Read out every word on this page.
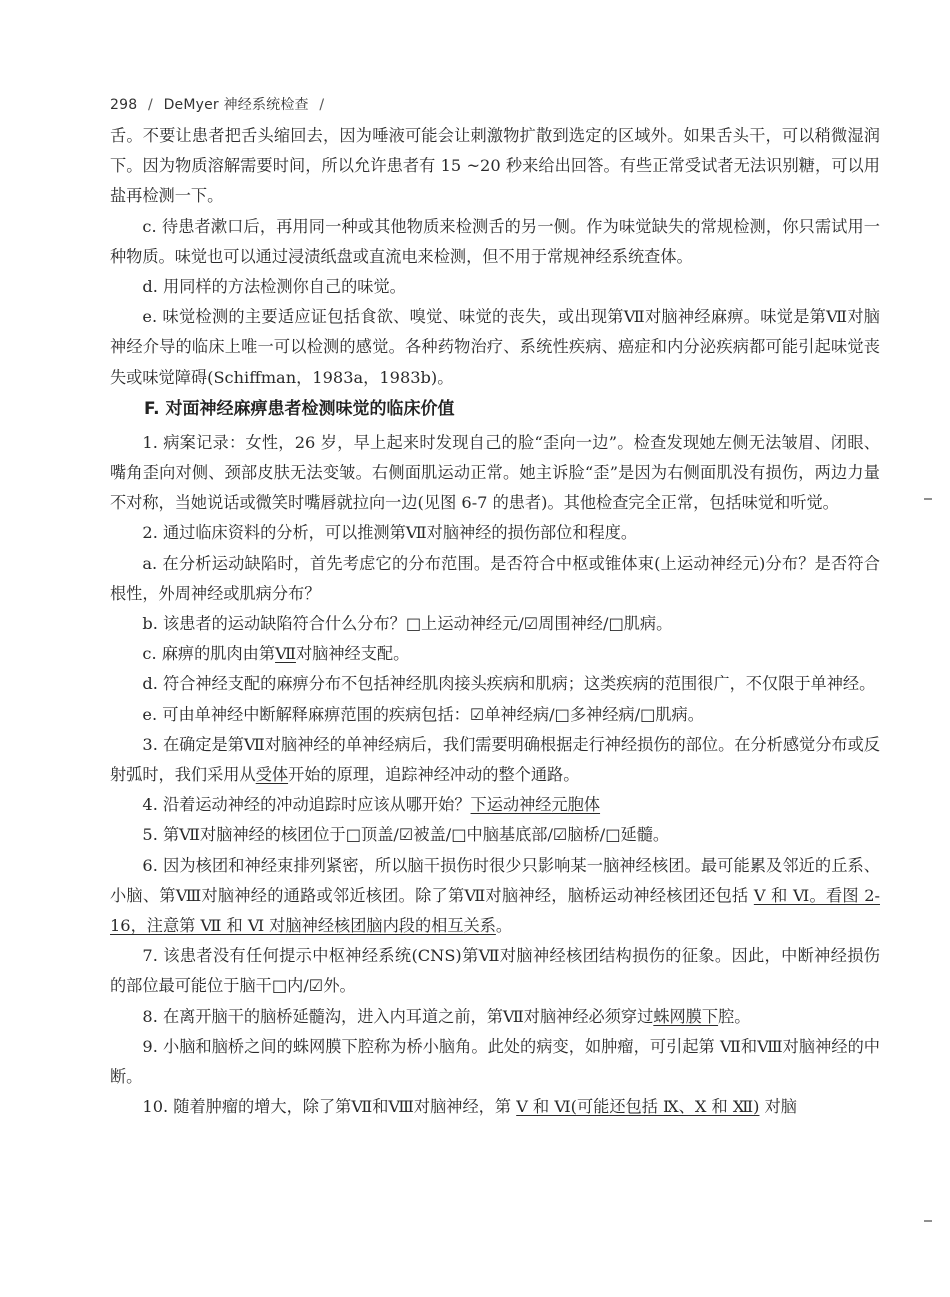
298 / DeMyer 神经系统检查 /

舌。不要让患者把舌头缩回去，因为唾液可能会让刺激物扩散到选定的区域外。如果舌头干，可以稍微湿润下。因为物质溶解需要时间，所以允许患者有 15 ~20 秒来给出回答。有些正常受试者无法识别糖，可以用盐再检测一下。

c. 待患者漱口后，再用同一种或其他物质来检测舌的另一侧。作为味觉缺失的常规检测，你只需试用一种物质。味觉也可以通过浸渍纸盘或直流电来检测，但不用于常规神经系统查体。

d. 用同样的方法检测你自己的味觉。

e. 味觉检测的主要适应证包括食欲、嗅觉、味觉的丧失，或出现第Ⅶ对脑神经麻痹。味觉是第Ⅶ对脑神经介导的临床上唯一可以检测的感觉。各种药物治疗、系统性疾病、癌症和内分泌疾病都可能引起味觉丧失或味觉障碍(Schiffman，1983a，1983b)。

F. 对面神经麻痹患者检测味觉的临床价值

1. 病案记录：女性，26 岁，早上起来时发现自己的脸“歪向一边”。检查发现她左侧无法皱眉、闭眼、嘴角歪向对侧、颈部皮肤无法变皱。右侧面肌运动正常。她主诉脸“歪”是因为右侧面肌没有损伤，两边力量不对称，当她说话或微笑时嘴唇就拉向一边(见图 6-7 的患者)。其他检查完全正常，包括味觉和听觉。

2. 通过临床资料的分析，可以推测第Ⅶ对脑神经的损伤部位和程度。

a. 在分析运动缺陷时，首先考虑它的分布范围。是否符合中枢或锥体束(上运动神经元)分布？是否符合根性，外周神经或肌病分布？

b. 该患者的运动缺陷符合什么分布？□上运动神经元/☑周围神经/□肌病。

c. 麻痹的肌肉由第Ⅶ对脑神经支配。

d. 符合神经支配的麻痹分布不包括神经肌肉接头疾病和肌病；这类疾病的范围很广，不仅限于单神经。

e. 可由单神经中断解释麻痹范围的疾病包括：☑单神经病/□多神经病/□肌病。

3. 在确定是第Ⅶ对脑神经的单神经病后，我们需要明确根据走行神经损伤的部位。在分析感觉分布或反射弧时，我们采用从受体开始的原理，追踪神经冲动的整个通路。

4. 沿着运动神经的冲动追踪时应该从哪开始？下运动神经元胞体

5. 第Ⅶ对脑神经的核团位于□顶盖/☑被盖/□中脑基底部/☑脑桥/□延髓。

6. 因为核团和神经束排列紧密，所以脑干损伤时很少只影响某一脑神经核团。最可能累及邻近的丘系、小脑、第Ⅷ对脑神经的通路或邻近核团。除了第Ⅶ对脑神经，脑桥运动神经核团还包括 Ⅴ 和 Ⅵ。看图 2-16，注意第 Ⅶ 和 Ⅵ 对脑神经核团脑内段的相互关系。

7. 该患者没有任何提示中枢神经系统(CNS)第Ⅶ对脑神经核团结构损伤的征象。因此，中断神经损伤的部位最可能位于脑干□内/☑外。

8. 在离开脑干的脑桥延髓沟，进入内耳道之前，第Ⅶ对脑神经必须穿过蛛网膜下腔。

9. 小脑和脑桥之间的蛛网膜下腔称为桥小脑角。此处的病变，如肿瘤，可引起第 Ⅶ和Ⅷ对脑神经的中断。

10. 随着肿瘤的增大，除了第Ⅶ和Ⅷ对脑神经，第 Ⅴ 和 Ⅵ(可能还包括 Ⅸ、Ⅹ 和 Ⅻ) 对脑
